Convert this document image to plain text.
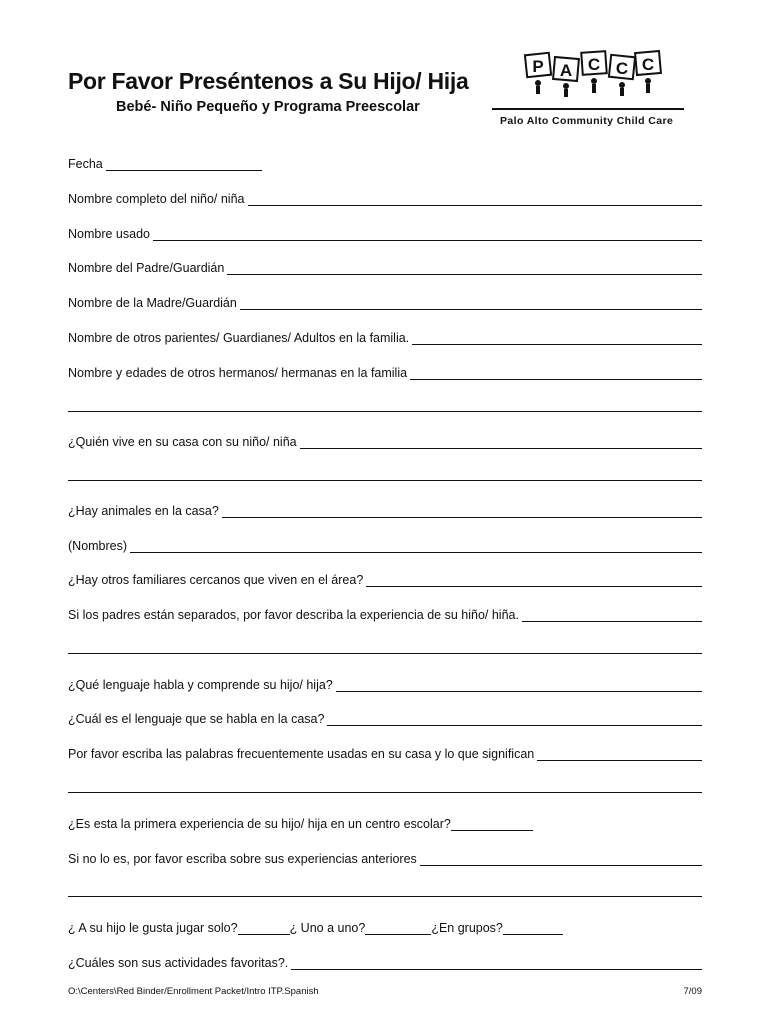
Por Favor Preséntenos a Su Hijo/ Hija
Bebé- Niño Pequeño y Programa Preescolar
P A C C C
Palo Alto Community Child Care
Fecha
Nombre completo del niño/ niña
Nombre usado
Nombre del Padre/Guardián
Nombre de la Madre/Guardián
Nombre de otros parientes/ Guardianes/ Adultos en la familia.
Nombre y edades de otros hermanos/ hermanas en la familia
¿Quién vive en su casa con su niño/ niña
¿Hay animales en la casa?
(Nombres)
¿Hay otros familiares cercanos que viven en el área?
Si los padres están separados, por favor describa la experiencia de su hiño/ hiña.
¿Qué lenguaje habla y comprende su hijo/ hija?
¿Cuál es el lenguaje que se habla en la casa?
Por favor escriba las palabras frecuentemente usadas en su casa y lo que significan
¿Es esta la primera experiencia de su hijo/ hija en un centro escolar?
Si no lo es, por favor escriba sobre sus experiencias anteriores
¿ A su hijo le gusta jugar solo?	¿ Uno a uno?	¿En grupos?
¿Cuáles son sus actividades favoritas?.
O:\Centers\Red Binder/Enrollment Packet/Intro ITP.Spanish	7/09
